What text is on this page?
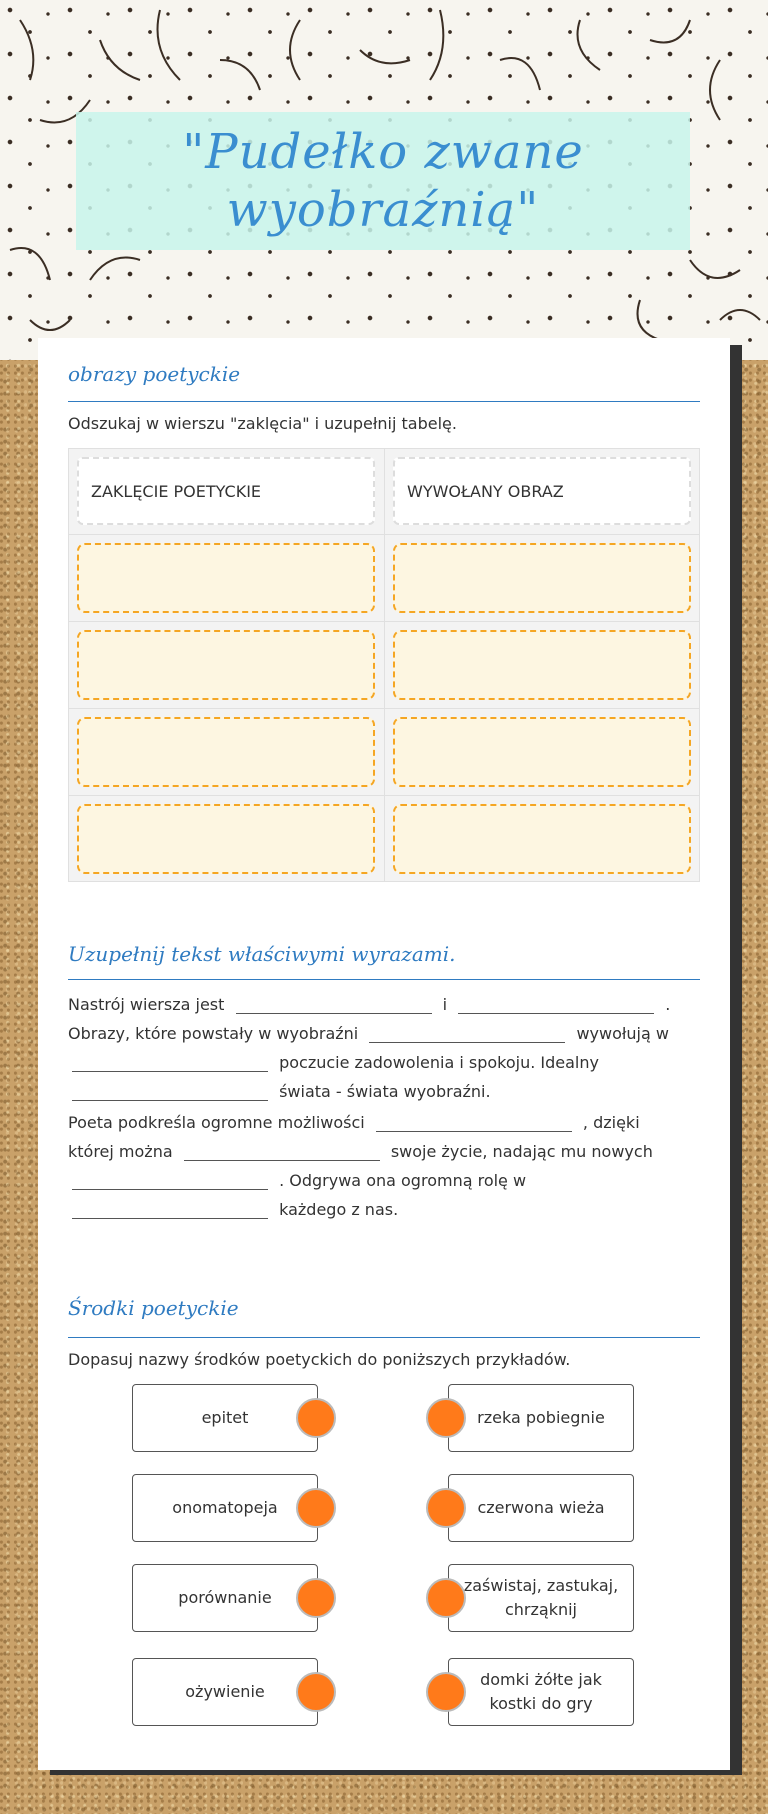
"Pudełko zwane
wyobraźnią"
obrazy poetyckie
Odszukaj w wierszu "zaklęcia" i uzupełnij tabelę.
ZAKLĘCIE POETYCKIE	WYWOŁANY OBRAZ
Uzupełnij tekst właściwymi wyrazami.
Nastrój wiersza jest	i	.
Obrazy, które powstały w wyobraźni	wywołują w
poczucie zadowolenia i spokoju. Idealny
świata - świata wyobraźni.
Poeta podkreśla ogromne możliwości	, dzięki
której można	swoje życie, nadając mu nowych
. Odgrywa ona ogromną rolę w
każdego z nas.
Środki poetyckie
Dopasuj nazwy środków poetyckich do poniższych przykładów.
epitet
onomatopeja
porównanie
ożywienie
rzeka pobiegnie
czerwona wieża
zaświstaj, zastukaj, chrząknij
domki żółte jak kostki do gry
